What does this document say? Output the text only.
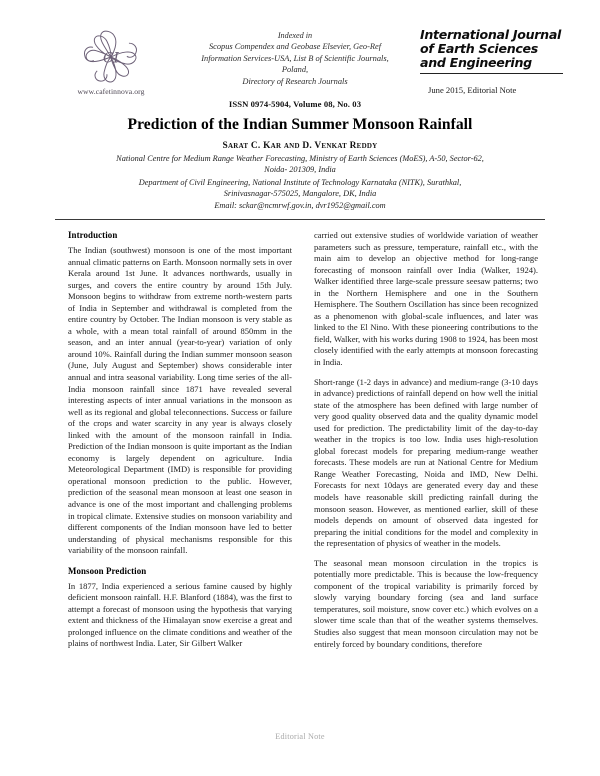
CI
www.cafetinnova.org
Indexed in
Scopus Compendex and Geobase Elsevier, Geo-Ref
Information Services-USA, List B of Scientific Journals,
Poland,
Directory of Research Journals
ISSN 0974-5904, Volume 08, No. 03
International Journal
of Earth Sciences
and Engineering
June 2015, Editorial Note
Prediction of the Indian Summer Monsoon Rainfall
Sarat C. Kar and D. Venkat Reddy
National Centre for Medium Range Weather Forecasting, Ministry of Earth Sciences (MoES), A-50, Sector-62,
Noida- 201309, India
Department of Civil Engineering, National Institute of Technology Karnataka (NITK), Surathkal,
Srinivasnagar-575025, Mangalore, DK, India
Email: sckar@ncmrwf.gov.in, dvr1952@gmail.com
Introduction

The Indian (southwest) monsoon is one of the most important annual climatic patterns on Earth. Monsoon normally sets in over Kerala around 1st June. It advances northwards, usually in surges, and covers the entire country by around 15th July. Monsoon begins to withdraw from extreme north-western parts of India in September and withdrawal is completed from the entire country by October. The Indian monsoon is very stable as a whole, with a mean total rainfall of around 850mm in the season, and an inter annual (year-to-year) variation of only around 10%. Rainfall during the Indian summer monsoon season (June, July August and September) shows considerable inter annual and intra seasonal variability. Long time series of the all-India monsoon rainfall since 1871 have revealed several interesting aspects of inter annual variations in the monsoon as well as its regional and global teleconnections. Success or failure of the crops and water scarcity in any year is always closely linked with the amount of the monsoon rainfall in India. Prediction of the Indian monsoon is quite important as the Indian economy is largely dependent on agriculture. India Meteorological Department (IMD) is responsible for providing operational monsoon prediction to the public. However, prediction of the seasonal mean monsoon at least one season in advance is one of the most important and challenging problems in tropical climate. Extensive studies on monsoon variability and different components of the Indian monsoon have led to better understanding of physical mechanisms responsible for this variability of the monsoon rainfall.

Monsoon Prediction

In 1877, India experienced a serious famine caused by highly deficient monsoon rainfall. H.F. Blanford (1884), was the first to attempt a forecast of monsoon using the hypothesis that varying extent and thickness of the Himalayan snow exercise a great and prolonged influence on the climate conditions and weather of the plains of northwest India. Later, Sir Gilbert Walker

carried out extensive studies of worldwide variation of weather parameters such as pressure, temperature, rainfall etc., with the main aim to develop an objective method for long-range forecasting of monsoon rainfall over India (Walker, 1924). Walker identified three large-scale pressure seesaw patterns; two in the Northern Hemisphere and one in the Southern Hemisphere. The Southern Oscillation has since been recognized as a phenomenon with global-scale influences, and later was linked to the El Nino. With these pioneering contributions to the field, Walker, with his works during 1908 to 1924, has been most closely identified with the early attempts at monsoon forecasting in India.

Short-range (1-2 days in advance) and medium-range (3-10 days in advance) predictions of rainfall depend on how well the initial state of the atmosphere has been defined with large number of very good quality observed data and the quality dynamic model used for prediction. The predictability limit of the day-to-day weather in the tropics is too low. India uses high-resolution global forecast models for preparing medium-range weather forecasts. These models are run at National Centre for Medium Range Weather Forecasting, Noida and IMD, New Delhi. Forecasts for next 10days are generated every day and these models have reasonable skill predicting rainfall during the monsoon season. However, as mentioned earlier, skill of these models depends on amount of observed data ingested for preparing the initial conditions for the model and complexity in the representation of physics of weather in the models.

The seasonal mean monsoon circulation in the tropics is potentially more predictable. This is because the low-frequency component of the tropical variability is primarily forced by slowly varying boundary forcing (sea and land surface temperatures, soil moisture, snow cover etc.) which evolves on a slower time scale than that of the weather systems themselves. Studies also suggest that mean monsoon circulation may not be entirely forced by boundary conditions, therefore

Editorial Note
